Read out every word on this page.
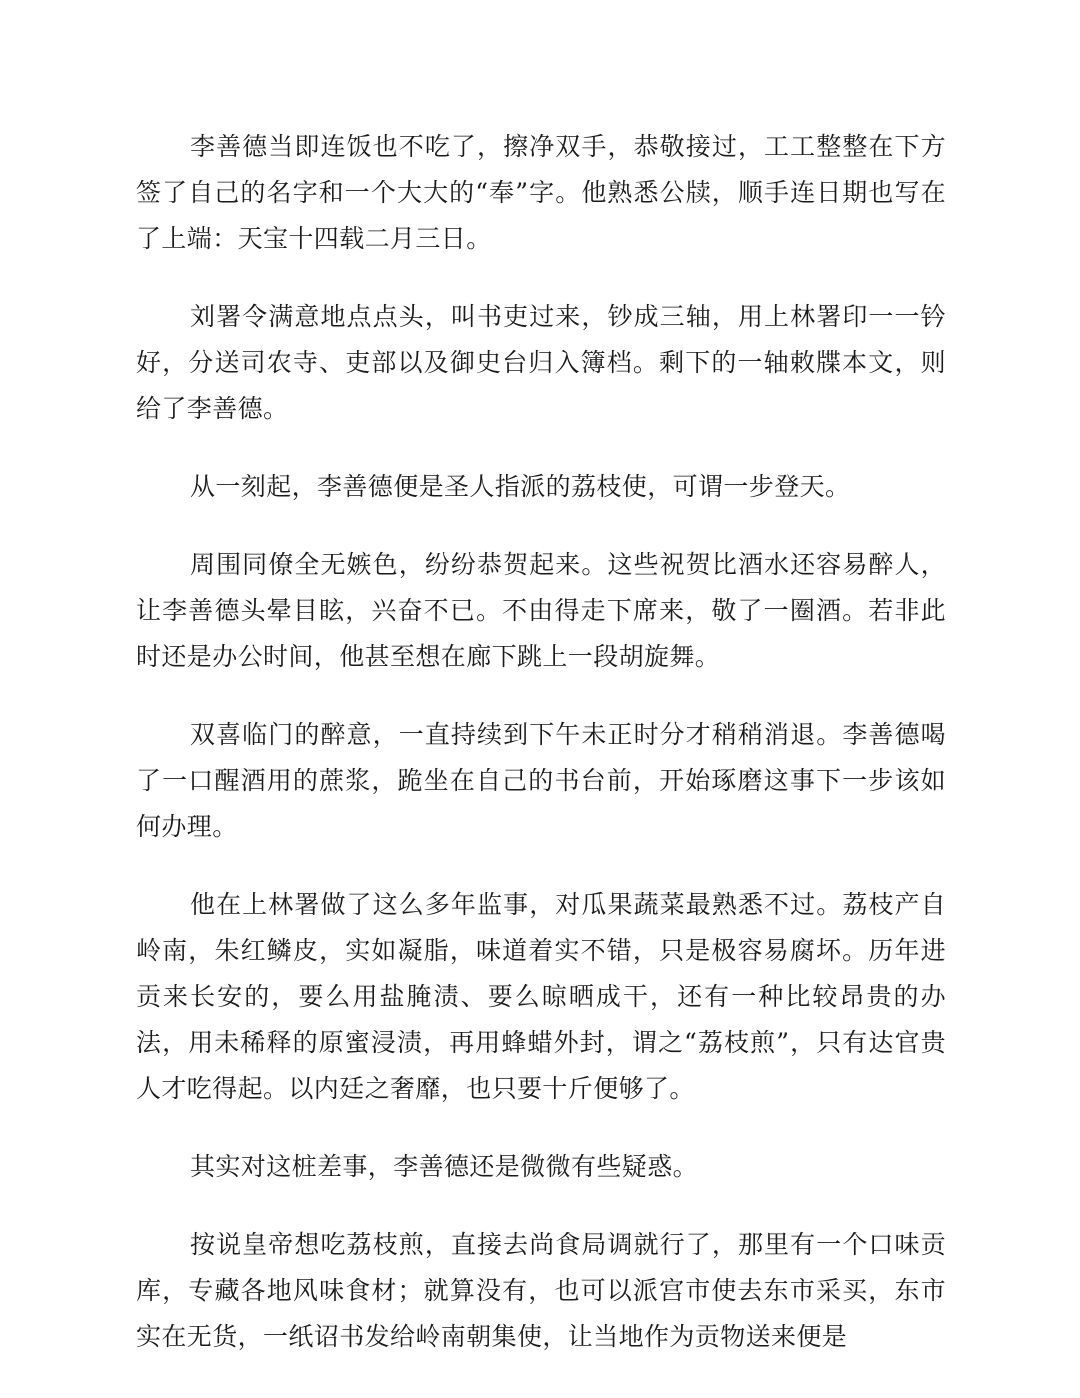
李善德当即连饭也不吃了，擦净双手，恭敬接过，工工整整在下方签了自己的名字和一个大大的“奉”字。他熟悉公牍，顺手连日期也写在了上端：天宝十四载二月三日。

刘署令满意地点点头，叫书吏过来，钞成三轴，用上林署印一一钤好，分送司农寺、吏部以及御史台归入簿档。剩下的一轴敕牒本文，则给了李善德。

从一刻起，李善德便是圣人指派的荔枝使，可谓一步登天。

周围同僚全无嫉色，纷纷恭贺起来。这些祝贺比酒水还容易醉人，让李善德头晕目眩，兴奋不已。不由得走下席来，敬了一圈酒。若非此时还是办公时间，他甚至想在廊下跳上一段胡旋舞。

双喜临门的醉意，一直持续到下午未正时分才稍稍消退。李善德喝了一口醒酒用的蔗浆，跪坐在自己的书台前，开始琢磨这事下一步该如何办理。

他在上林署做了这么多年监事，对瓜果蔬菜最熟悉不过。荔枝产自岭南，朱红鳞皮，实如凝脂，味道着实不错，只是极容易腐坏。历年进贡来长安的，要么用盐腌渍、要么晾晒成干，还有一种比较昂贵的办法，用未稀释的原蜜浸渍，再用蜂蜡外封，谓之“荔枝煎”，只有达官贵人才吃得起。以内廷之奢靡，也只要十斤便够了。

其实对这桩差事，李善德还是微微有些疑惑。

按说皇帝想吃荔枝煎，直接去尚食局调就行了，那里有一个口味贡库，专藏各地风味食材；就算没有，也可以派宫市使去东市采买，东市实在无货，一纸诏书发给岭南朝集使，让当地作为贡物送来便是
